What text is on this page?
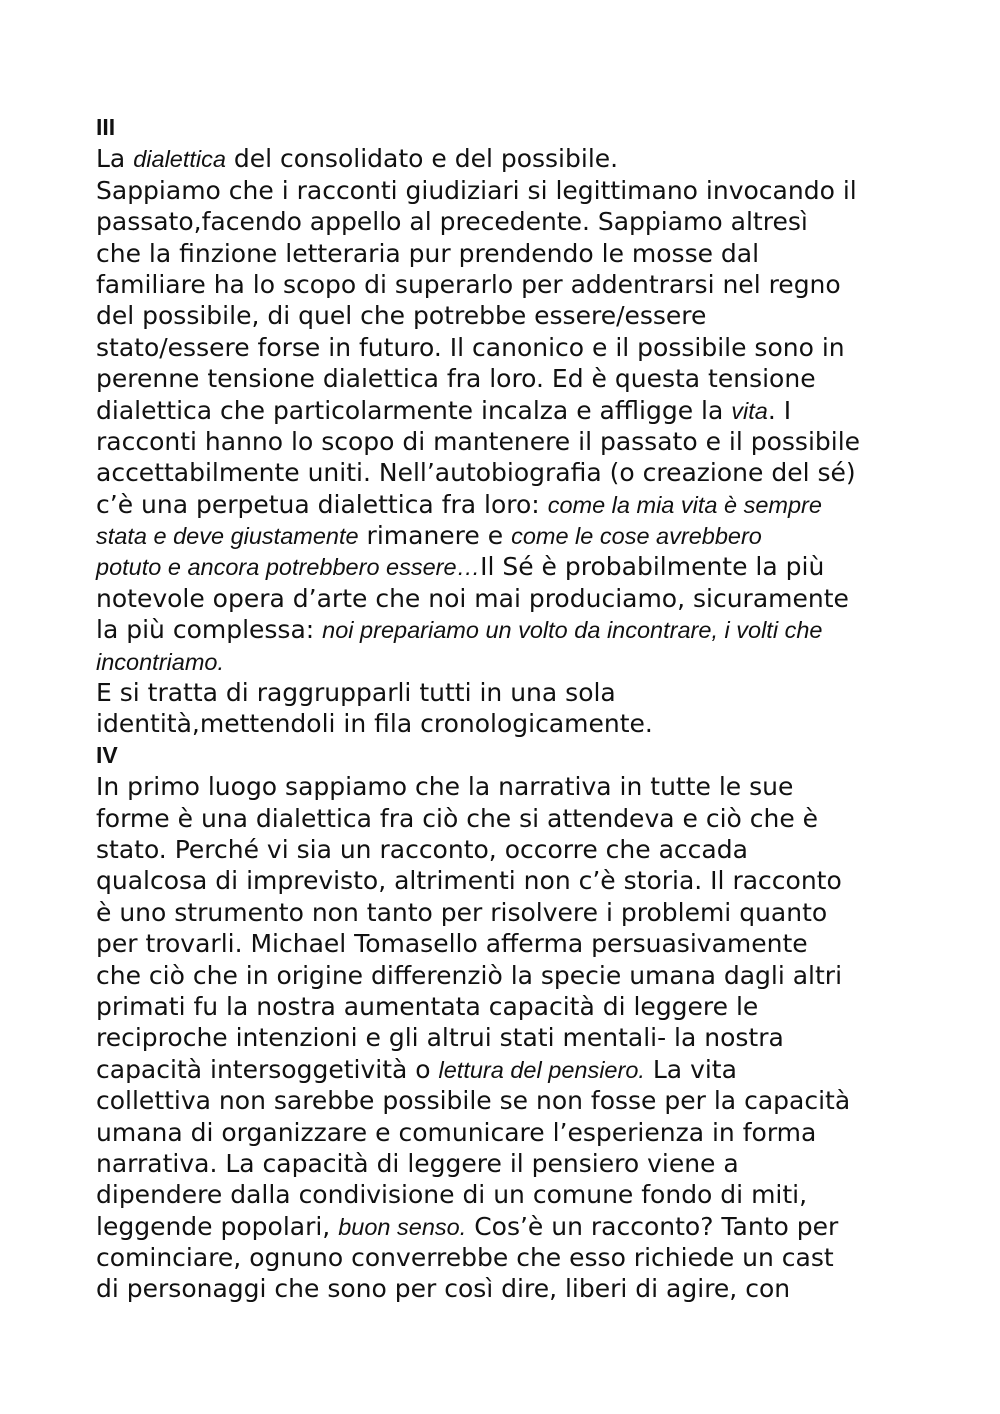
III
La dialettica del consolidato e del possibile.
Sappiamo che i racconti giudiziari si legittimano invocando il
passato,facendo appello al precedente. Sappiamo altresì
che la finzione letteraria pur prendendo le mosse dal
familiare ha lo scopo di superarlo per addentrarsi nel regno
del possibile, di quel che potrebbe essere/essere
stato/essere forse in futuro. Il canonico e il possibile sono in
perenne tensione dialettica fra loro. Ed è questa tensione
dialettica che particolarmente incalza e affligge la vita. I
racconti hanno lo scopo di mantenere il passato e il possibile
accettabilmente uniti. Nell’autobiografia (o creazione del sé)
c’è una perpetua dialettica fra loro: come la mia vita è sempre
stata e deve giustamente rimanere e come le cose avrebbero
potuto e ancora potrebbero essere…Il Sé è probabilmente la più
notevole opera d’arte che noi mai produciamo, sicuramente
la più complessa: noi prepariamo un volto da incontrare, i volti che
incontriamo.
E si tratta di raggrupparli tutti in una sola
identità,mettendoli in fila cronologicamente.
IV
In primo luogo sappiamo che la narrativa in tutte le sue
forme è una dialettica fra ciò che si attendeva e ciò che è
stato. Perché vi sia un racconto, occorre che accada
qualcosa di imprevisto, altrimenti non c’è storia. Il racconto
è uno strumento non tanto per risolvere i problemi quanto
per trovarli. Michael Tomasello afferma persuasivamente
che ciò che in origine differenziò la specie umana dagli altri
primati fu la nostra aumentata capacità di leggere le
reciproche intenzioni e gli altrui stati mentali- la nostra
capacità intersoggetività o lettura del pensiero. La vita
collettiva non sarebbe possibile se non fosse per la capacità
umana di organizzare e comunicare l’esperienza in forma
narrativa. La capacità di leggere il pensiero viene a
dipendere dalla condivisione di un comune fondo di miti,
leggende popolari, buon senso. Cos’è un racconto? Tanto per
cominciare, ognuno converrebbe che esso richiede un cast
di personaggi che sono per così dire, liberi di agire, con
